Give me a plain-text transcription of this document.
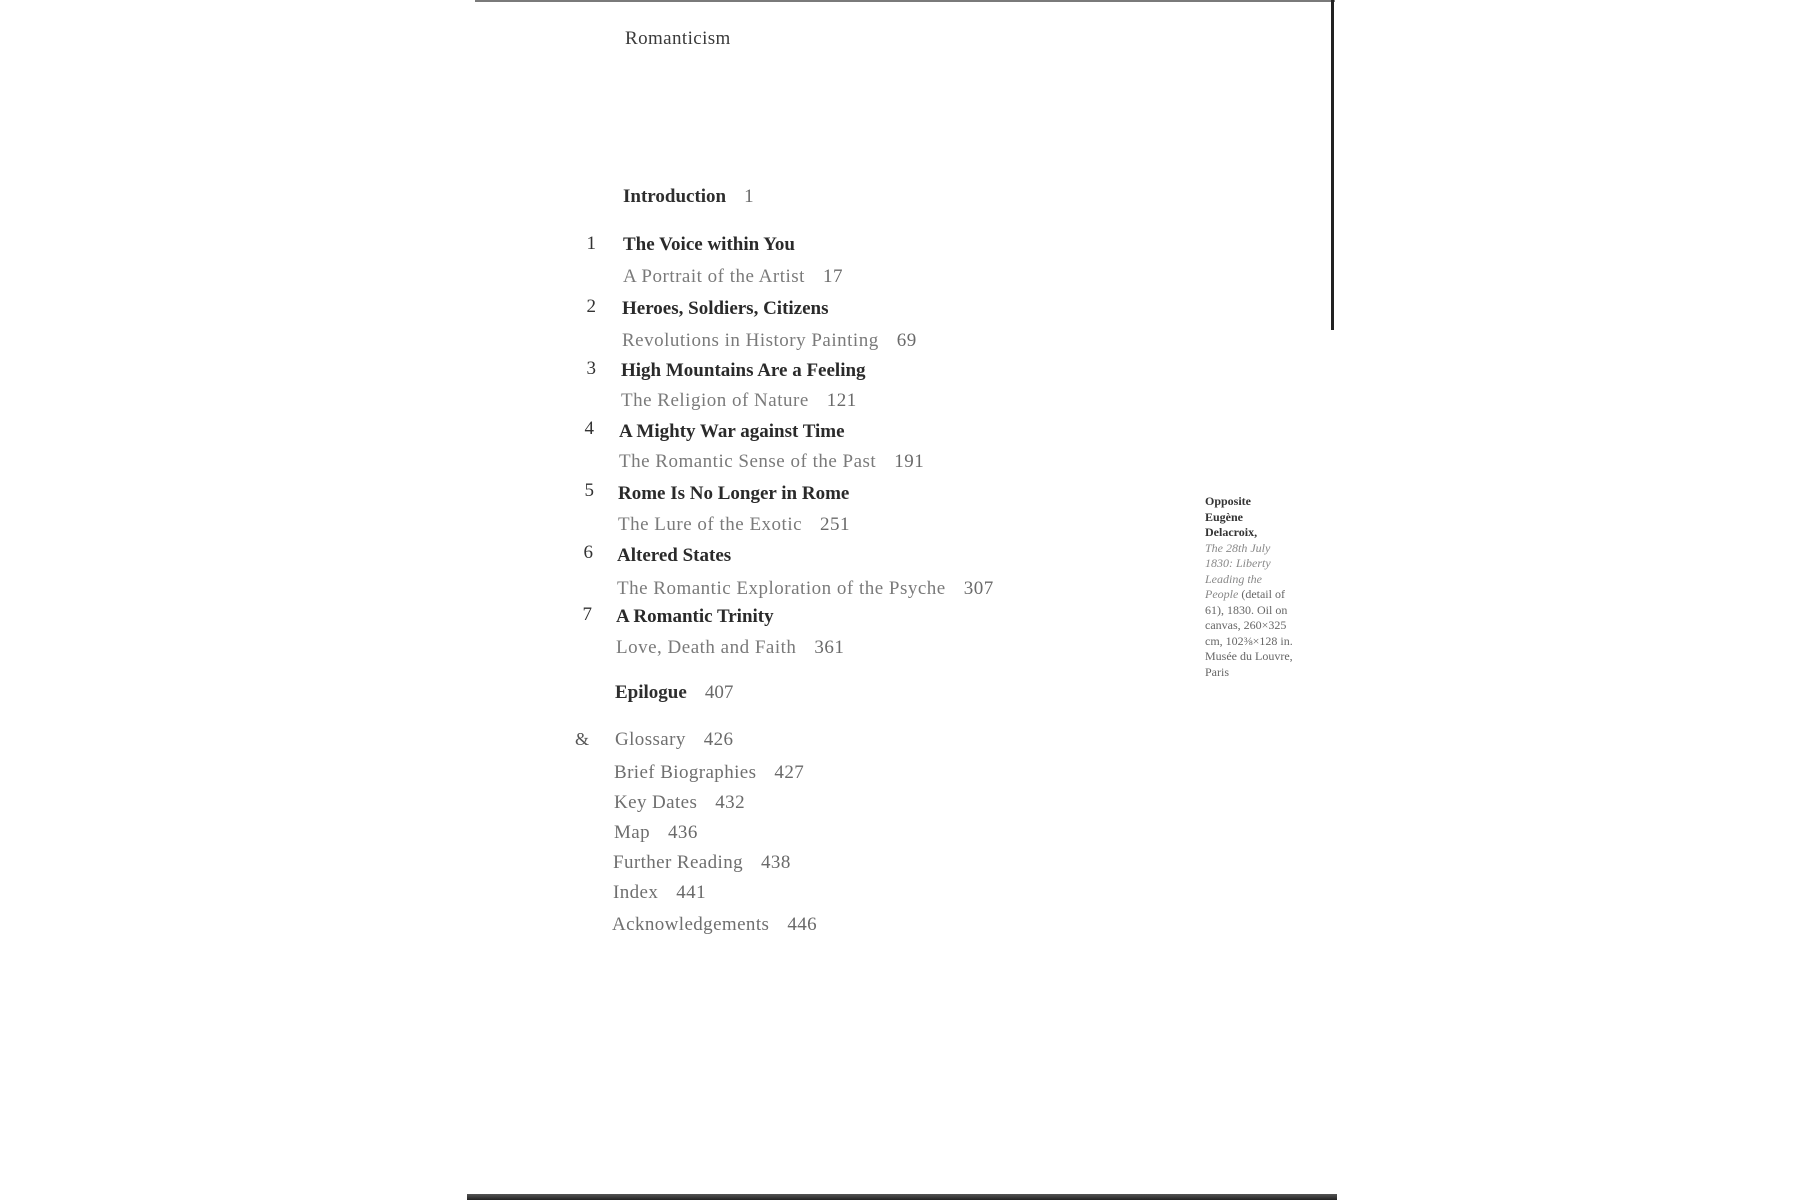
Romanticism
Introduction 1
1 The Voice within You
A Portrait of the Artist 17
2 Heroes, Soldiers, Citizens
Revolutions in History Painting 69
3 High Mountains Are a Feeling
The Religion of Nature 121
4 A Mighty War against Time
The Romantic Sense of the Past 191
5 Rome Is No Longer in Rome
The Lure of the Exotic 251
6 Altered States
The Romantic Exploration of the Psyche 307
7 A Romantic Trinity
Love, Death and Faith 361
Epilogue 407
& Glossary 426
Brief Biographies 427
Key Dates 432
Map 436
Further Reading 438
Index 441
Acknowledgements 446
Opposite
Eugène Delacroix,
The 28th July 1830: Liberty Leading the People (detail of 61), 1830. Oil on canvas, 260×325 cm, 102⅜×128 in. Musée du Louvre, Paris
